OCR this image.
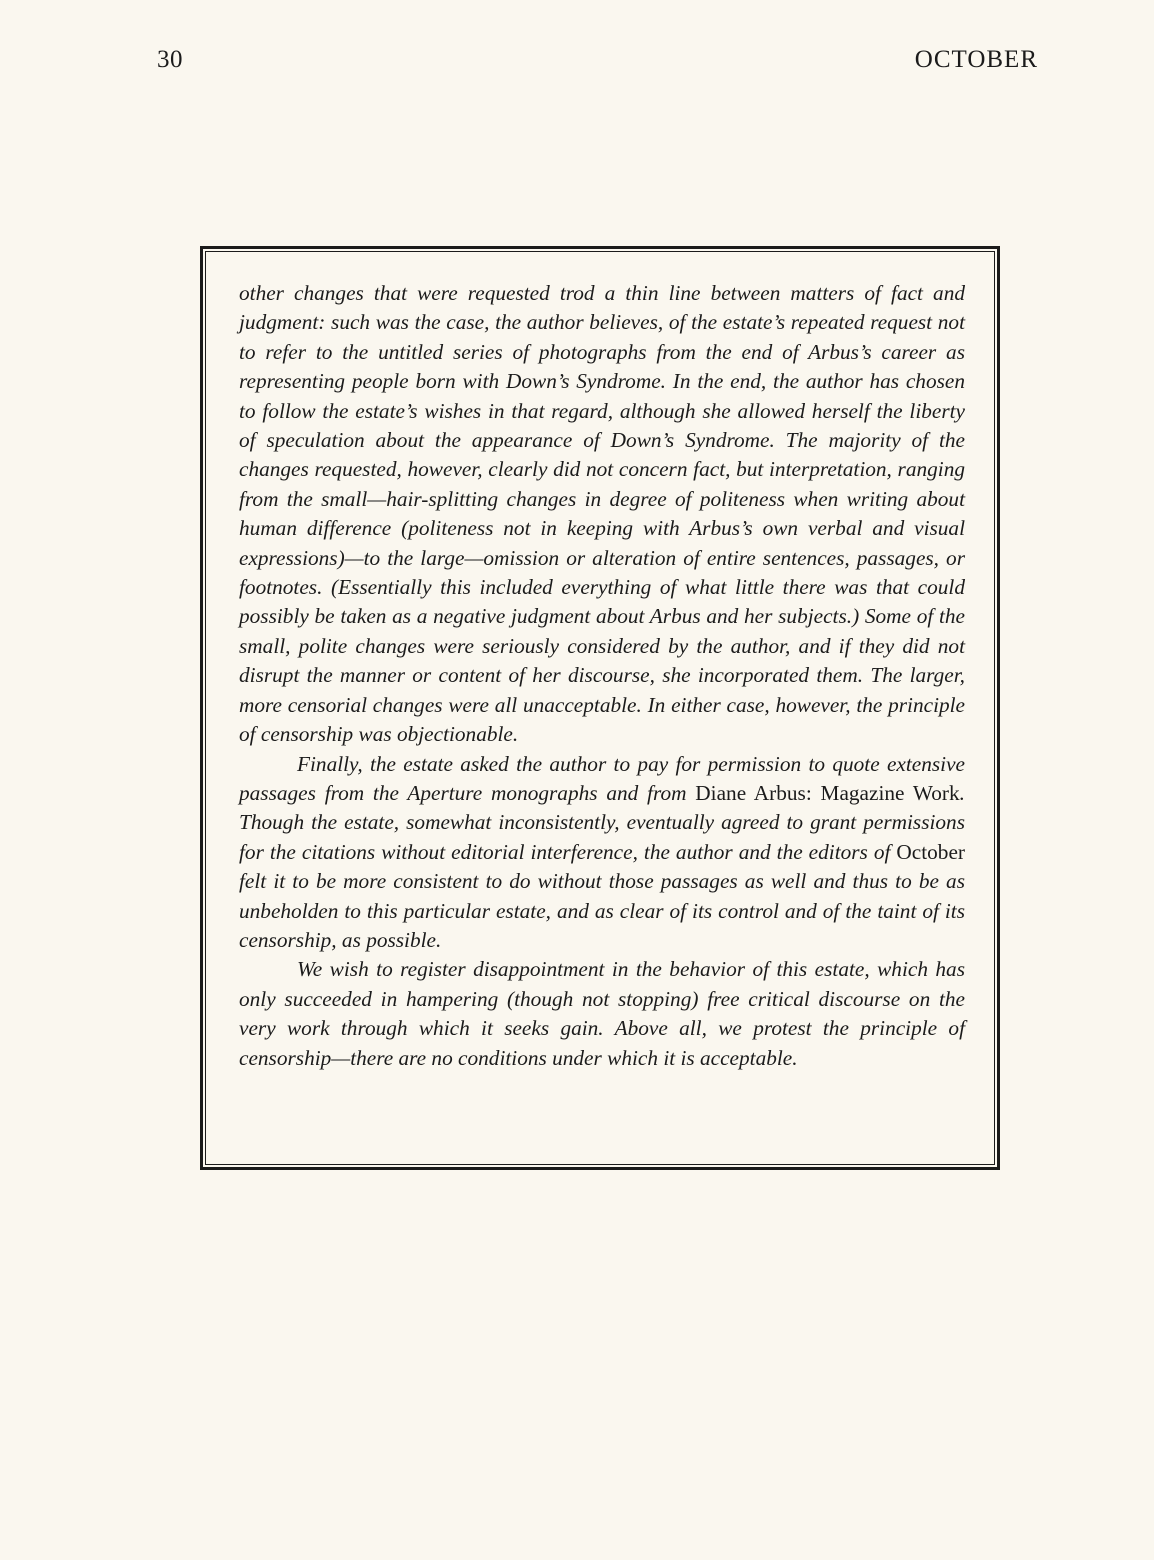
30	OCTOBER

other changes that were requested trod a thin line between matters of fact and judgment: such was the case, the author believes, of the estate’s repeated request not to refer to the untitled series of photographs from the end of Arbus’s career as representing people born with Down’s Syndrome. In the end, the author has chosen to follow the estate’s wishes in that regard, although she allowed herself the liberty of speculation about the appearance of Down’s Syndrome. The majority of the changes requested, however, clearly did not concern fact, but interpretation, ranging from the small—hair-splitting changes in degree of politeness when writing about human difference (politeness not in keeping with Arbus’s own verbal and visual expressions)—to the large—omission or alteration of entire sentences, passages, or footnotes. (Essentially this included everything of what little there was that could possibly be taken as a negative judgment about Arbus and her subjects.) Some of the small, polite changes were seriously considered by the author, and if they did not disrupt the manner or content of her discourse, she incorporated them. The larger, more censorial changes were all unacceptable. In either case, however, the principle of censorship was objectionable.

Finally, the estate asked the author to pay for permission to quote extensive passages from the Aperture monographs and from Diane Arbus: Magazine Work. Though the estate, somewhat inconsistently, eventually agreed to grant permissions for the citations without editorial interference, the author and the editors of October felt it to be more consistent to do without those passages as well and thus to be as unbeholden to this particular estate, and as clear of its control and of the taint of its censorship, as possible.

We wish to register disappointment in the behavior of this estate, which has only succeeded in hampering (though not stopping) free critical discourse on the very work through which it seeks gain. Above all, we protest the principle of censorship—there are no conditions under which it is acceptable.
